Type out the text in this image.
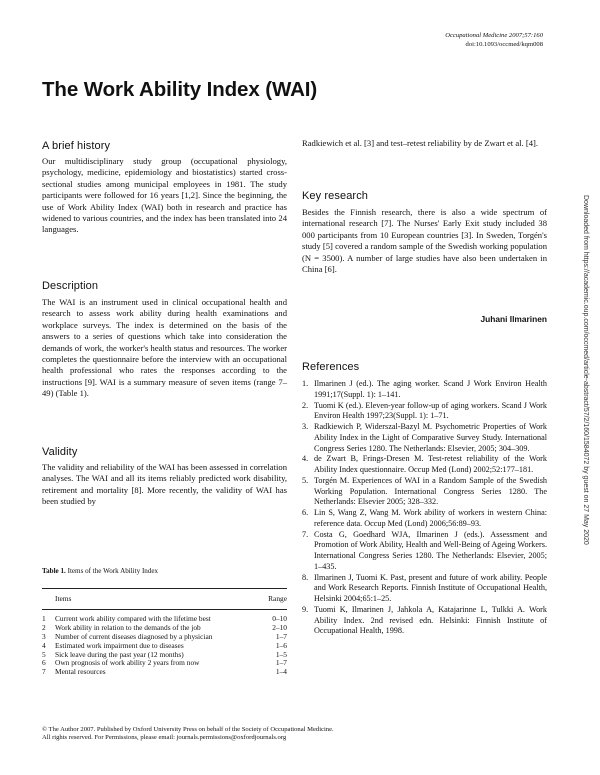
Occupational Medicine 2007;57:160
doi:10.1093/occmed/kqm008
The Work Ability Index (WAI)
A brief history
Our multidisciplinary study group (occupational physiology, psychology, medicine, epidemiology and biostatistics) started cross-sectional studies among municipal employees in 1981. The study participants were followed for 16 years [1,2]. Since the beginning, the use of Work Ability Index (WAI) both in research and practice has widened to various countries, and the index has been translated into 24 languages.
Description
The WAI is an instrument used in clinical occupational health and research to assess work ability during health examinations and workplace surveys. The index is determined on the basis of the answers to a series of questions which take into consideration the demands of work, the worker's health status and resources. The worker completes the questionnaire before the interview with an occupational health professional who rates the responses according to the instructions [9]. WAI is a summary measure of seven items (range 7–49) (Table 1).
Validity
The validity and reliability of the WAI has been assessed in correlation analyses. The WAI and all its items reliably predicted work disability, retirement and mortality [8]. More recently, the validity of WAI has been studied by
Table 1. Items of the Work Ability Index
Items	Range
1	Current work ability compared with the lifetime best	0–10
2	Work ability in relation to the demands of the job	2–10
3	Number of current diseases diagnosed by a physician	1–7
4	Estimated work impairment due to diseases	1–6
5	Sick leave during the past year (12 months)	1–5
6	Own prognosis of work ability 2 years from now	1–7
7	Mental resources	1–4
Radkiewich et al. [3] and test–retest reliability by de Zwart et al. [4].
Key research
Besides the Finnish research, there is also a wide spectrum of international research [7]. The Nurses' Early Exit study included 38 000 participants from 10 European countries [3]. In Sweden, Torgén's study [5] covered a random sample of the Swedish working population (N = 3500). A number of large studies have also been undertaken in China [6].
Juhani Ilmarinen
References
1. Ilmarinen J (ed.). The aging worker. Scand J Work Environ Health 1991;17(Suppl. 1): 1–141.
2. Tuomi K (ed.). Eleven-year follow-up of aging workers. Scand J Work Environ Health 1997;23(Suppl. 1): 1–71.
3. Radkiewich P, Widerszal-Bazyl M. Psychometric Properties of Work Ability Index in the Light of Comparative Survey Study. International Congress Series 1280. The Netherlands: Elsevier, 2005; 304–309.
4. de Zwart B, Frings-Dresen M. Test-retest reliability of the Work Ability Index questionnaire. Occup Med (Lond) 2002;52:177–181.
5. Torgén M. Experiences of WAI in a Random Sample of the Swedish Working Population. International Congress Series 1280. The Netherlands: Elsevier 2005; 328–332.
6. Lin S, Wang Z, Wang M. Work ability of workers in western China: reference data. Occup Med (Lond) 2006;56:89–93.
7. Costa G, Goedhard WJA, Ilmarinen J (eds.). Assessment and Promotion of Work Ability, Health and Well-Being of Ageing Workers. International Congress Series 1280. The Netherlands: Elsevier, 2005; 1–435.
8. Ilmarinen J, Tuomi K. Past, present and future of work ability. People and Work Research Reports. Finnish Institute of Occupational Health, Helsinki 2004;65:1–25.
9. Tuomi K, Ilmarinen J, Jahkola A, Katajarinne L, Tulkki A. Work Ability Index. 2nd revised edn. Helsinki: Finnish Institute of Occupational Health, 1998.
Downloaded from https://academic.oup.com/occmed/article-abstract/57/2/160/1584072 by guest on 27 May 2020
© The Author 2007. Published by Oxford University Press on behalf of the Society of Occupational Medicine.
All rights reserved. For Permissions, please email: journals.permissions@oxfordjournals.org
